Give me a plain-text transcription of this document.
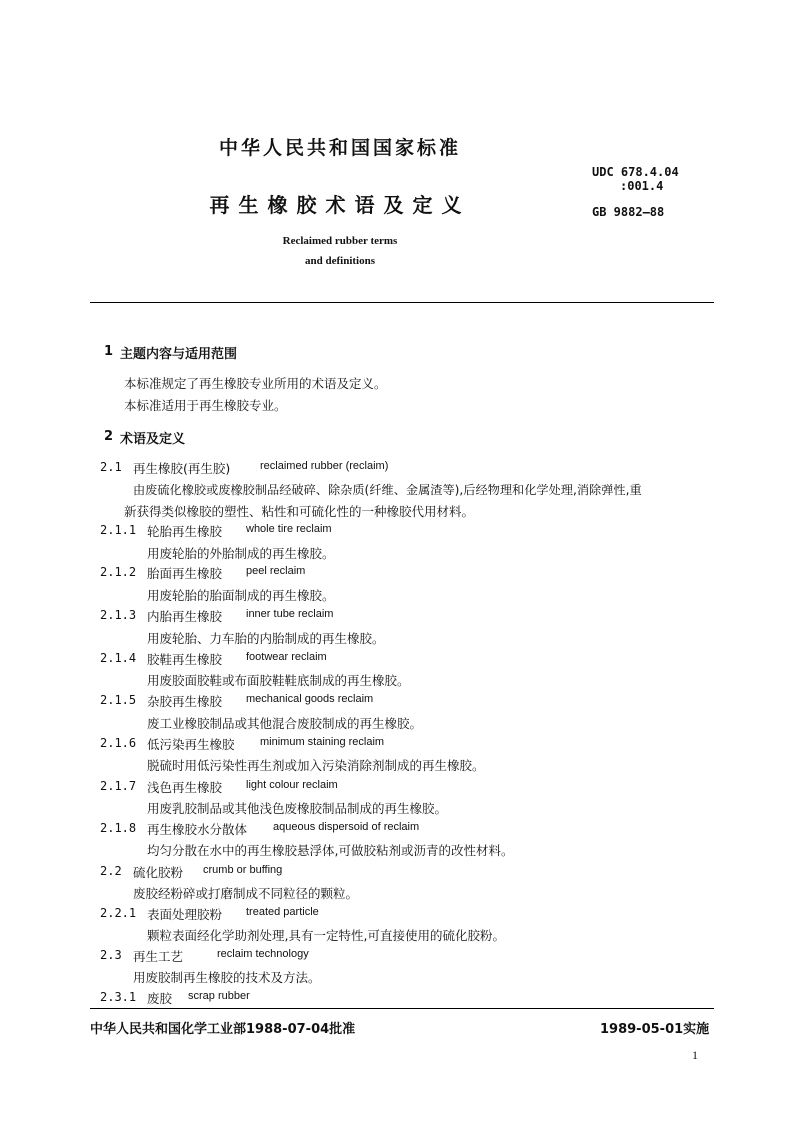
中华人民共和国国家标准
再生橡胶术语及定义
Reclaimed rubber terms
and definitions
UDC 678.4.04
:001.4
GB 9882—88
1 主题内容与适用范围
本标准规定了再生橡胶专业所用的术语及定义。
本标准适用于再生橡胶专业。
2 术语及定义
2.1 再生橡胶(再生胶)	reclaimed rubber (reclaim)
由废硫化橡胶或废橡胶制品经破碎、除杂质(纤维、金属渣等),后经物理和化学处理,消除弹性,重
新获得类似橡胶的塑性、粘性和可硫化性的一种橡胶代用材料。
2.1.1 轮胎再生橡胶 whole tire reclaim
用废轮胎的外胎制成的再生橡胶。
2.1.2 胎面再生橡胶 peel reclaim
用废轮胎的胎面制成的再生橡胶。
2.1.3 内胎再生橡胶 inner tube reclaim
用废轮胎、力车胎的内胎制成的再生橡胶。
2.1.4 胶鞋再生橡胶 footwear reclaim
用废胶面胶鞋或布面胶鞋鞋底制成的再生橡胶。
2.1.5 杂胶再生橡胶 mechanical goods reclaim
废工业橡胶制品或其他混合废胶制成的再生橡胶。
2.1.6 低污染再生橡胶 minimum staining reclaim
脱硫时用低污染性再生剂或加入污染消除剂制成的再生橡胶。
2.1.7 浅色再生橡胶 light colour reclaim
用废乳胶制品或其他浅色废橡胶制品制成的再生橡胶。
2.1.8 再生橡胶水分散体 aqueous dispersoid of reclaim
均匀分散在水中的再生橡胶悬浮体,可做胶粘剂或沥青的改性材料。
2.2 硫化胶粉 crumb or buffing
废胶经粉碎或打磨制成不同粒径的颗粒。
2.2.1 表面处理胶粉 treated particle
颗粒表面经化学助剂处理,具有一定特性,可直接使用的硫化胶粉。
2.3 再生工艺	reclaim technology
用废胶制再生橡胶的技术及方法。
2.3.1 废胶 scrap rubber
中华人民共和国化学工业部1988-07-04批准	1989-05-01实施
1
